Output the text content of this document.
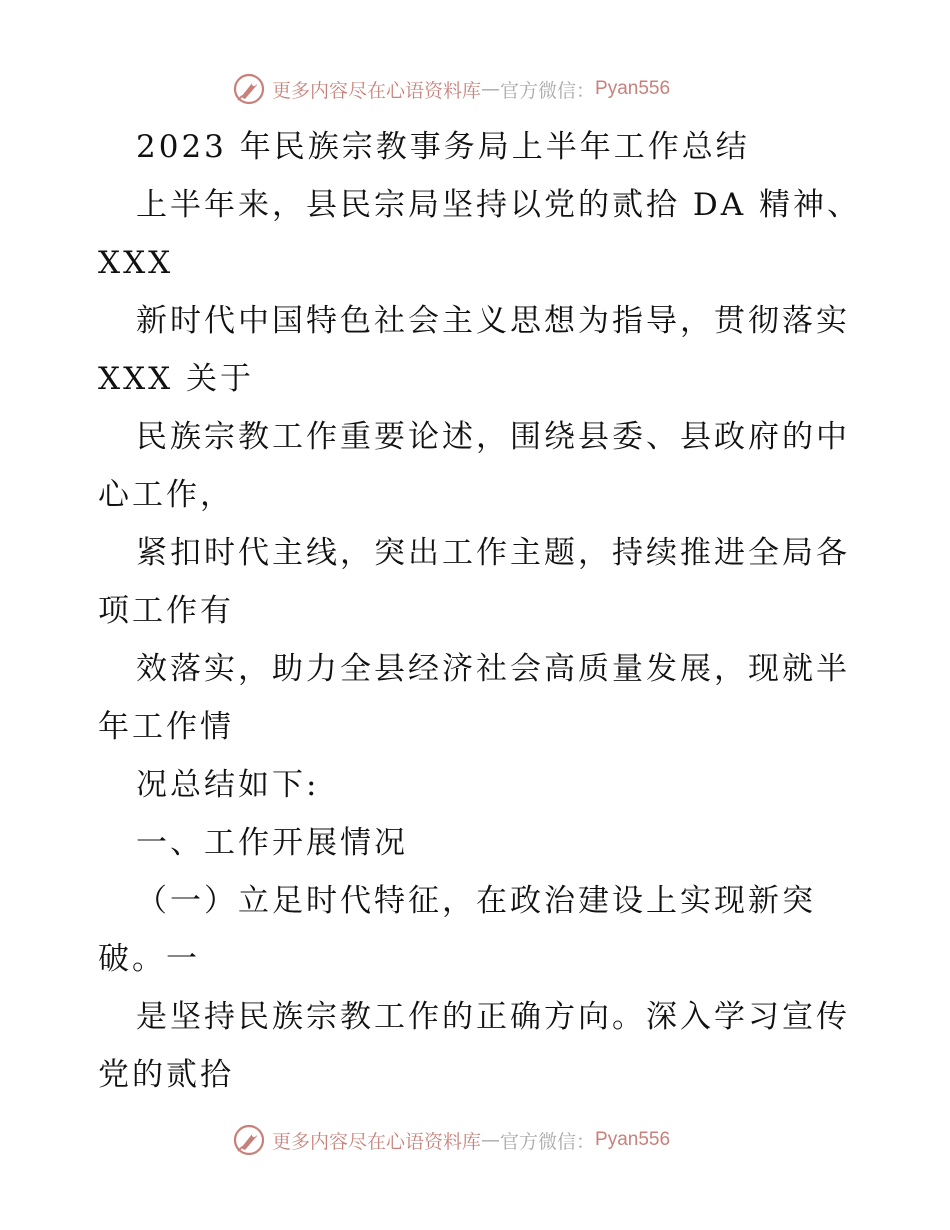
更多内容尽在心语资料库 — 官方微信： Pyan556
2023 年民族宗教事务局上半年工作总结
上半年来，县民宗局坚持以党的贰拾 DA 精神、
XXX
新时代中国特色社会主义思想为指导，贯彻落实
XXX 关于
民族宗教工作重要论述，围绕县委、县政府的中
心工作，
紧扣时代主线，突出工作主题，持续推进全局各
项工作有
效落实，助力全县经济社会高质量发展，现就半
年工作情
况总结如下:
一、工作开展情况
（一）立足时代特征，在政治建设上实现新突
破。一
是坚持民族宗教工作的正确方向。深入学习宣传
党的贰拾
更多内容尽在心语资料库 — 官方微信： Pyan556
